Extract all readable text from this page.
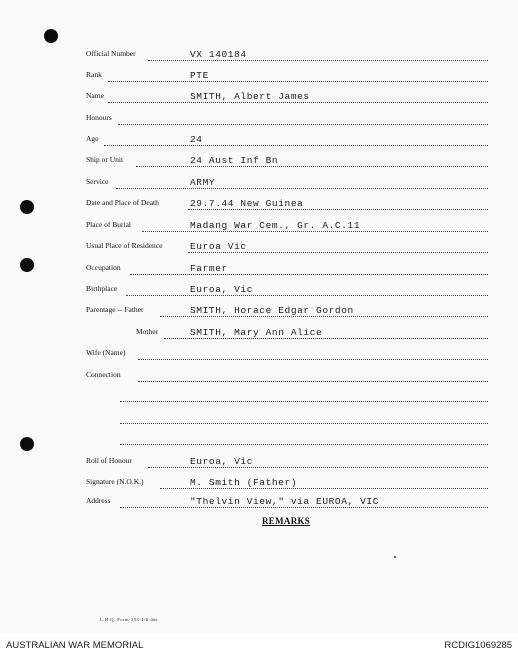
Official Number	VX 140184
Rank	PTE
Name	SMITH, Albert James
Honours
Age	24
Ship or Unit	24 Aust Inf Bn
Service	ARMY
Date and Place of Death	29.7.44 New Guinea
Place of Burial	Madang War Cem., Gr. A.C.11
Usual Place of Residence	Euroa Vic
Occupation	Farmer
Birthplace	Euroa, Vic
Parentage -- Father	SMITH, Horace Edgar Gordon
Mother	SMITH, Mary Ann Alice
Wife (Name)
Connection
Roll of Honour	Euroa, Vic
Signature (N.O.K.)	M. Smith (Father)
Address	"Thelvin View," via EUROA, VIC
REMARKS
L.H.Q. Form-353-4/6-4m
AUSTRALIAN WAR MEMORIAL	RCDIG1069285
